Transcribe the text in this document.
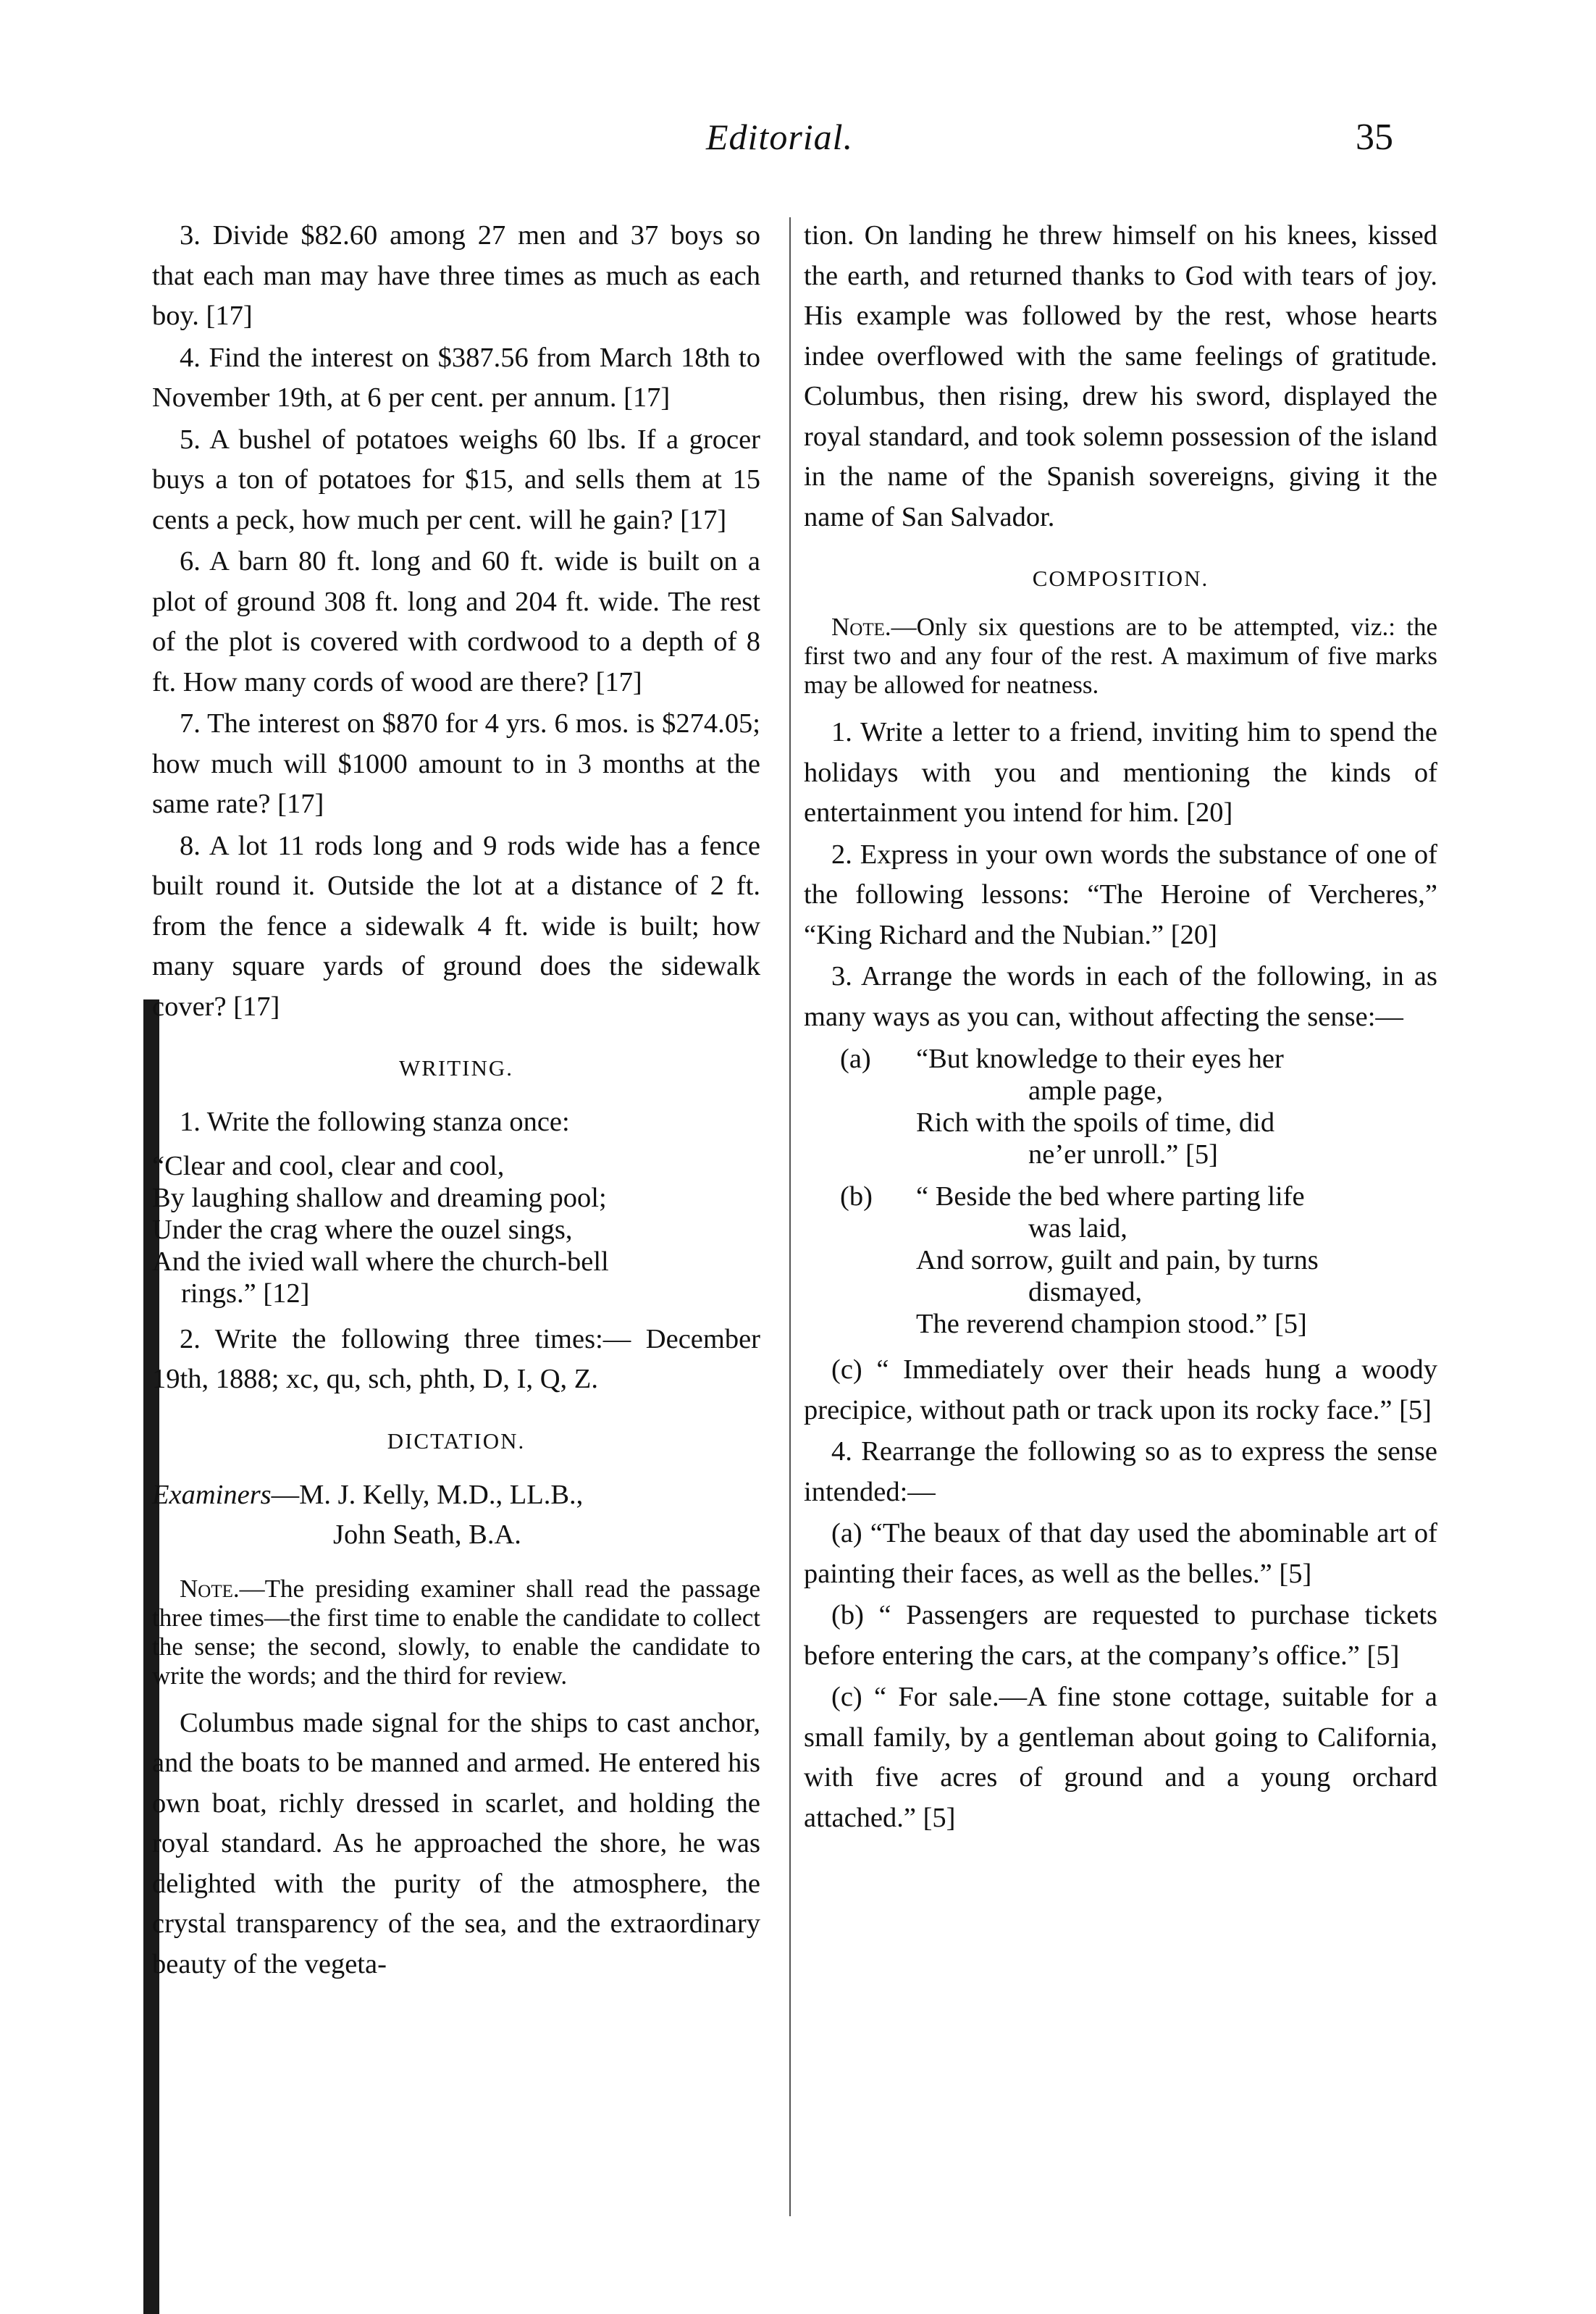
Editorial.	35

3. Divide $82.60 among 27 men and 37 boys so that each man may have three times as much as each boy. [17]

4. Find the interest on $387.56 from March 18th to November 19th, at 6 per cent. per annum. [17]

5. A bushel of potatoes weighs 60 lbs. If a grocer buys a ton of potatoes for $15, and sells them at 15 cents a peck, how much per cent. will he gain? [17]

6. A barn 80 ft. long and 60 ft. wide is built on a plot of ground 308 ft. long and 204 ft. wide. The rest of the plot is covered with cordwood to a depth of 8 ft. How many cords of wood are there? [17]

7. The interest on $870 for 4 yrs. 6 mos. is $274.05; how much will $1000 amount to in 3 months at the same rate? [17]

8. A lot 11 rods long and 9 rods wide has a fence built round it. Outside the lot at a distance of 2 ft. from the fence a sidewalk 4 ft. wide is built; how many square yards of ground does the sidewalk cover? [17]

WRITING.

1. Write the following stanza once:

“Clear and cool, clear and cool,
By laughing shallow and dreaming pool;
Under the crag where the ouzel sings,
And the ivied wall where the church-bell
rings.” [12]

2. Write the following three times:— December 19th, 1888; xc, qu, sch, phth, D, I, Q, Z.

DICTATION.
Examiners—M. J. Kelly, M.D., LL.B.,
John Seath, B.A.

Note.—The presiding examiner shall read the passage three times—the first time to enable the candidate to collect the sense; the second, slowly, to enable the candidate to write the words; and the third for review.

Columbus made signal for the ships to cast anchor, and the boats to be manned and armed. He entered his own boat, richly dressed in scarlet, and holding the royal standard. As he approached the shore, he was delighted with the purity of the atmosphere, the crystal transparency of the sea, and the extraordinary beauty of the vegeta-

tion. On landing he threw himself on his knees, kissed the earth, and returned thanks to God with tears of joy. His example was followed by the rest, whose hearts indee overflowed with the same feelings of gratitude. Columbus, then rising, drew his sword, displayed the royal standard, and took solemn possession of the island in the name of the Spanish sovereigns, giving it the name of San Salvador.

COMPOSITION.

Note.—Only six questions are to be attempted, viz.: the first two and any four of the rest. A maximum of five marks may be allowed for neatness.

1. Write a letter to a friend, inviting him to spend the holidays with you and mentioning the kinds of entertainment you intend for him. [20]

2. Express in your own words the substance of one of the following lessons: “The Heroine of Vercheres,” “King Richard and the Nubian.” [20]

3. Arrange the words in each of the following, in as many ways as you can, without affecting the sense:—

(a)	“But knowledge to their eyes her
ample page,
Rich with the spoils of time, did
ne’er unroll.” [5]
(b)	“ Beside the bed where parting life
was laid,
And sorrow, guilt and pain, by turns
dismayed,
The reverend champion stood.” [5]

(c) “ Immediately over their heads hung a woody precipice, without path or track upon its rocky face.” [5]

4. Rearrange the following so as to express the sense intended:—

(a) “The beaux of that day used the abominable art of painting their faces, as well as the belles.” [5]

(b) “ Passengers are requested to purchase tickets before entering the cars, at the company’s office.” [5]

(c) “ For sale.—A fine stone cottage, suitable for a small family, by a gentleman about going to California, with five acres of ground and a young orchard attached.” [5]
